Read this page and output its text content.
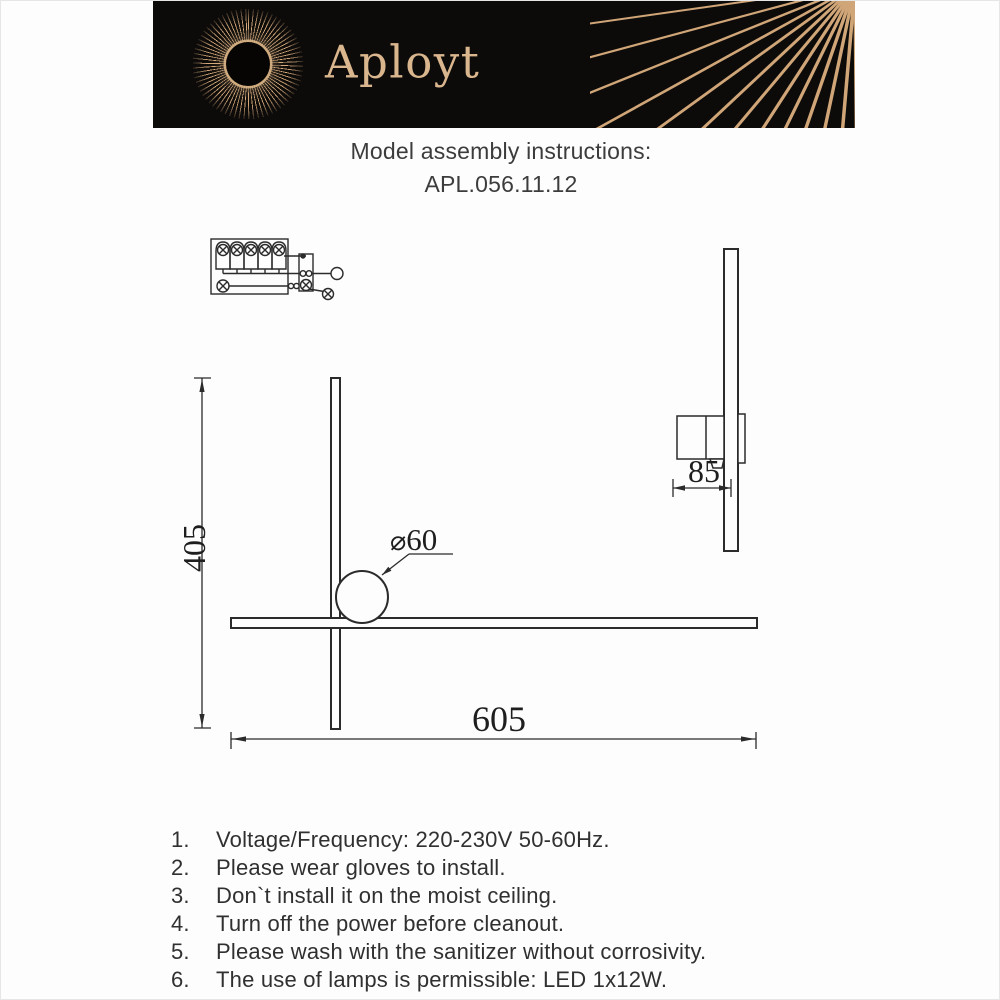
Aployt
Model assembly instructions:
APL.056.11.12
405	⌀60
605
85
1.	Voltage/Frequency: 220-230V 50-60Hz.
2.	Please wear gloves to install.
3.	Don`t install it on the moist ceiling.
4.	Turn off the power before cleanout.
5.	Please wash with the sanitizer without corrosivity.
6.	The use of lamps is permissible: LED 1x12W.
